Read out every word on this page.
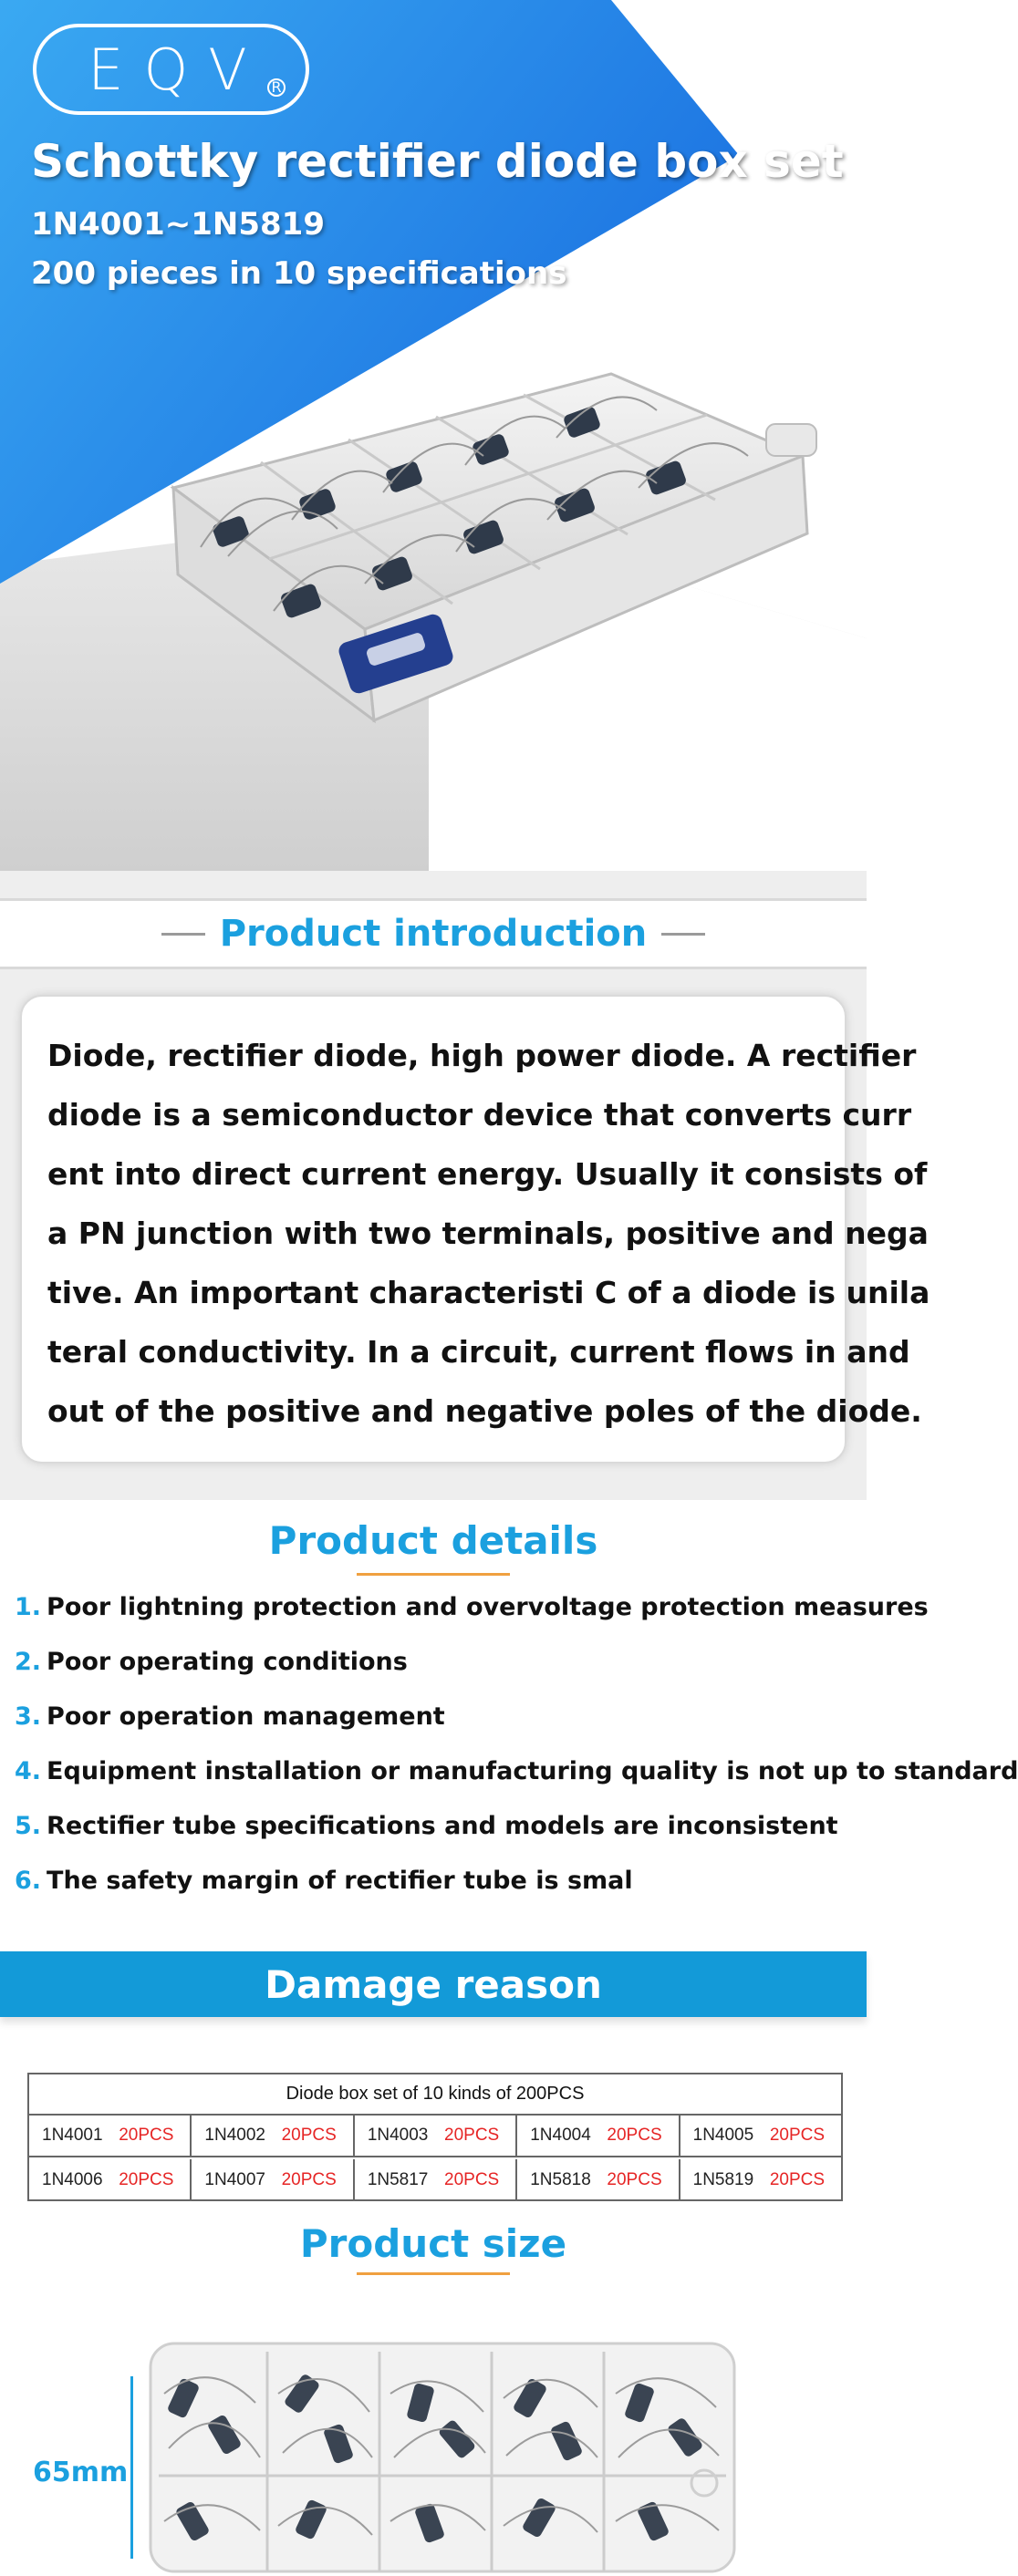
EQV R
Schottky rectifier diode box set
1N4001~1N5819
200 pieces in 10 specifications
Product introduction
Diode, rectifier diode, high power diode. A rectifier
diode is a semiconductor device that converts curr
ent into direct current energy. Usually it consists of
a PN junction with two terminals, positive and nega
tive. An important characteristi C of a diode is unila
teral conductivity. In a circuit, current flows in and
out of the positive and negative poles of the diode.
Product details
1. Poor lightning protection and overvoltage protection measures
2. Poor operating conditions
3. Poor operation management
4. Equipment installation or manufacturing quality is not up to standard
5. Rectifier tube specifications and models are inconsistent
6. The safety margin of rectifier tube is smal
Damage reason
Diode box set of 10 kinds of 200PCS
1N4001 20PCS 1N4002 20PCS 1N4003 20PCS 1N4004 20PCS 1N4005 20PCS
1N4006 20PCS 1N4007 20PCS 1N5817 20PCS 1N5818 20PCS 1N5819 20PCS
Product size
65mm
